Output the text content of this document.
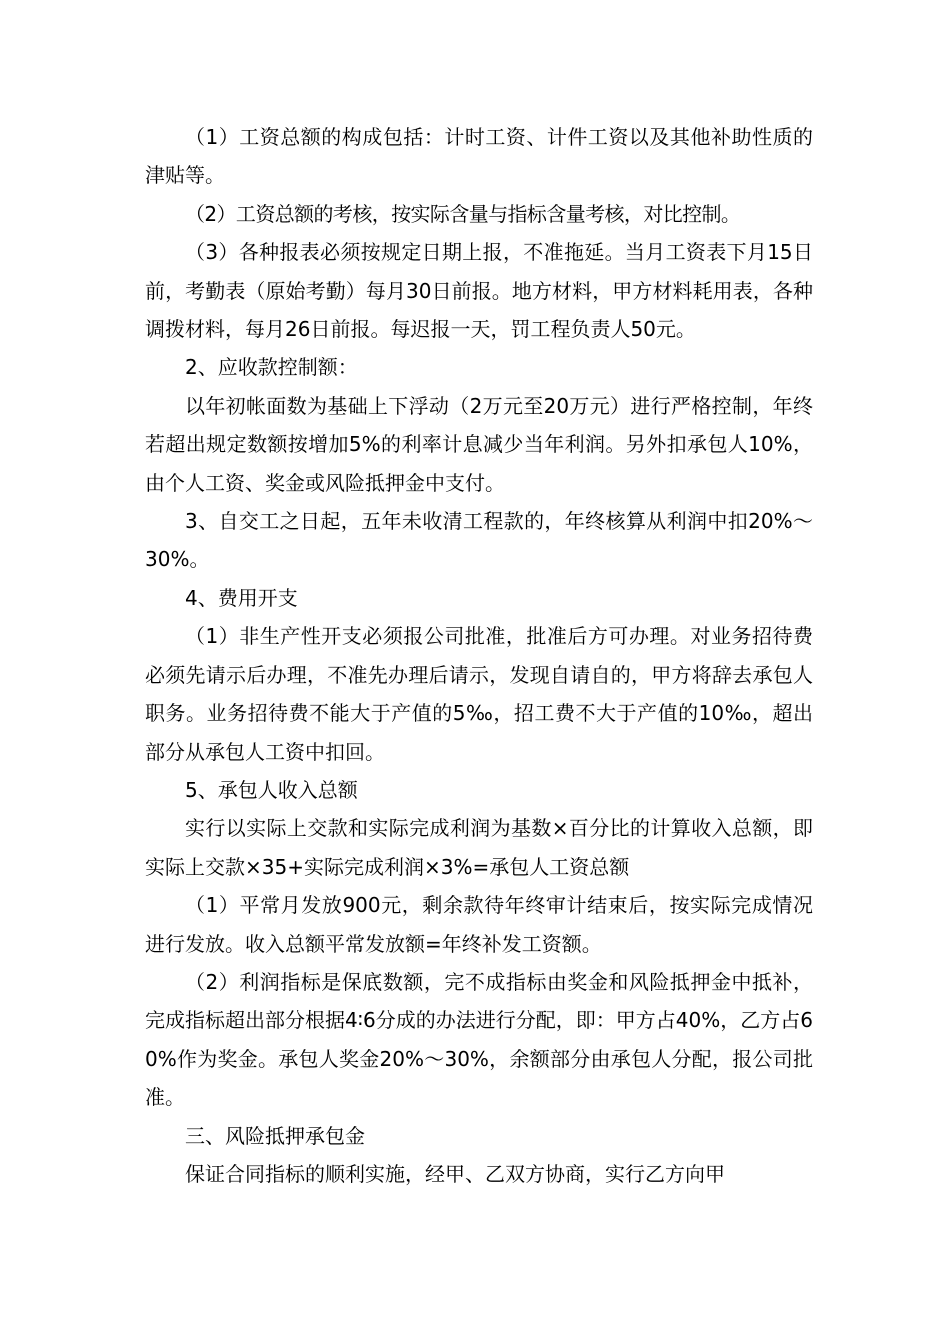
（1）工资总额的构成包括：计时工资、计件工资以及其他补助性质的津贴等。

（2）工资总额的考核，按实际含量与指标含量考核，对比控制。

（3）各种报表必须按规定日期上报，不准拖延。当月工资表下月15日前，考勤表（原始考勤）每月30日前报。地方材料，甲方材料耗用表，各种调拨材料，每月26日前报。每迟报一天，罚工程负责人50元。

2、应收款控制额：

以年初帐面数为基础上下浮动（2万元至20万元）进行严格控制，年终若超出规定数额按增加5%的利率计息减少当年利润。另外扣承包人10%，由个人工资、奖金或风险抵押金中支付。

3、自交工之日起，五年未收清工程款的，年终核算从利润中扣20%～30%。

4、费用开支

（1）非生产性开支必须报公司批准，批准后方可办理。对业务招待费必须先请示后办理，不准先办理后请示，发现自请自的，甲方将辞去承包人职务。业务招待费不能大于产值的5‰，招工费不大于产值的10‰，超出部分从承包人工资中扣回。

5、承包人收入总额

实行以实际上交款和实际完成利润为基数×百分比的计算收入总额，即实际上交款×35+实际完成利润×3%=承包人工资总额

（1）平常月发放900元，剩余款待年终审计结束后，按实际完成情况进行发放。收入总额平常发放额=年终补发工资额。

（2）利润指标是保底数额，完不成指标由奖金和风险抵押金中抵补，完成指标超出部分根据4∶6分成的办法进行分配，即：甲方占40%，乙方占60%作为奖金。承包人奖金20%～30%，余额部分由承包人分配，报公司批准。

三、风险抵押承包金

保证合同指标的顺利实施，经甲、乙双方协商，实行乙方向甲
